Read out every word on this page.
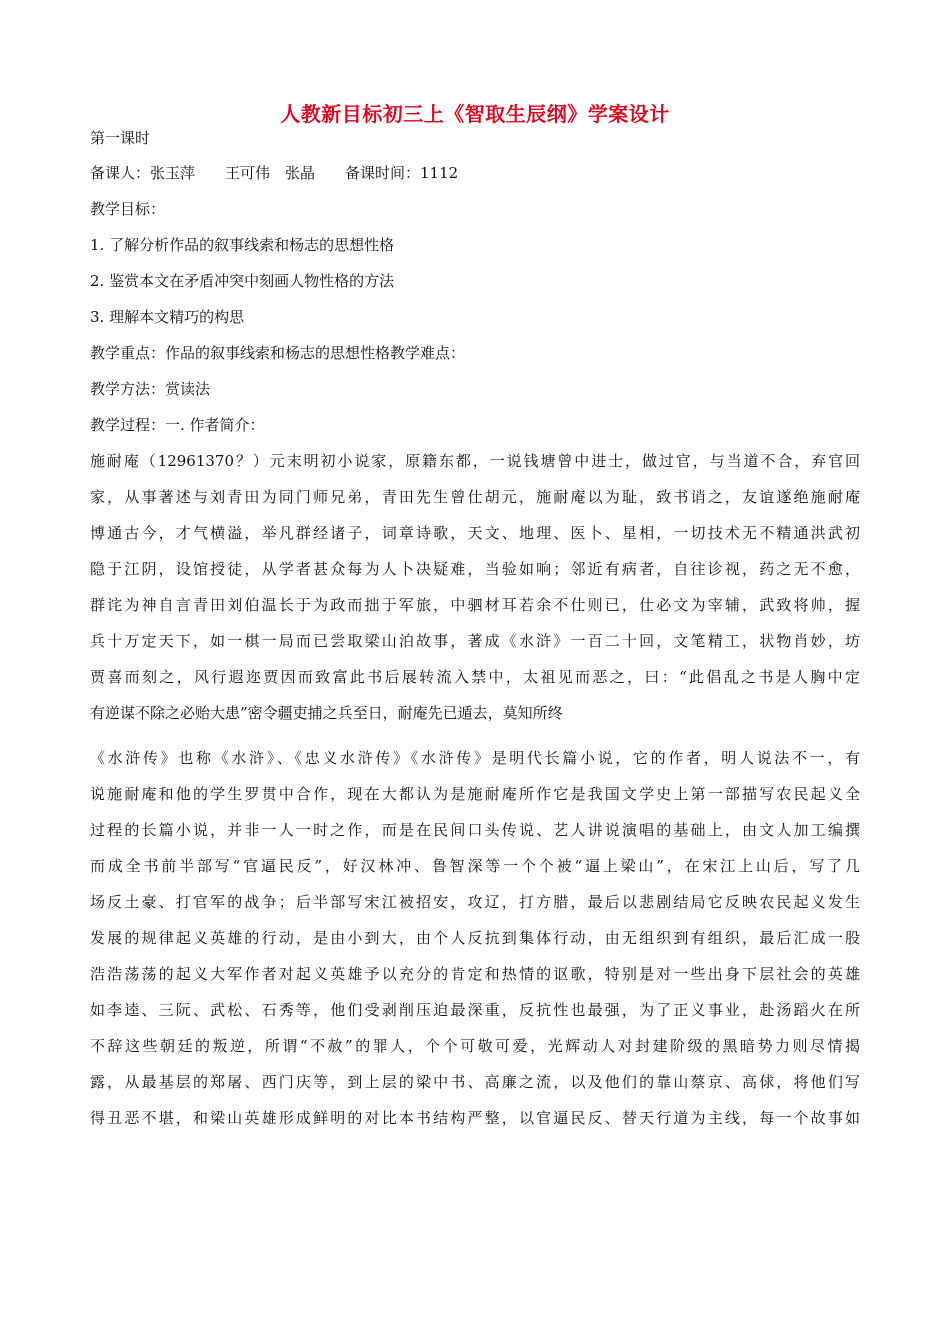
人教新目标初三上《智取生辰纲》学案设计
第一课时
备课人：张玉萍　　王可伟　张晶　　备课时间：1112
教学目标：
1. 了解分析作品的叙事线索和杨志的思想性格
2. 鉴赏本文在矛盾冲突中刻画人物性格的方法
3. 理解本文精巧的构思
教学重点：作品的叙事线索和杨志的思想性格教学难点：
教学方法：赏读法
教学过程：一. 作者简介：
施耐庵（12961370？）元末明初小说家，原籍东都，一说钱塘曾中进士，做过官，与当道不合，弃官回
家，从事著述与刘青田为同门师兄弟，青田先生曾仕胡元，施耐庵以为耻，致书诮之，友谊遂绝施耐庵
博通古今，才气横溢，举凡群经诸子，词章诗歌，天文、地理、医卜、星相，一切技术无不精通洪武初
隐于江阴，设馆授徒，从学者甚众每为人卜决疑难，当验如响；邻近有病者，自往诊视，药之无不愈，
群诧为神自言青田刘伯温长于为政而拙于军旅，中驷材耳若余不仕则已，仕必文为宰辅，武致将帅，握
兵十万定天下，如一棋一局而已尝取梁山泊故事，著成《水浒》一百二十回，文笔精工，状物肖妙，坊
贾喜而刻之，风行遐迩贾因而致富此书后展转流入禁中，太祖见而恶之，曰：“此倡乱之书是人胸中定
有逆谋不除之必贻大患”密令疆吏捕之兵至日，耐庵先已遁去，莫知所终
《水浒传》也称《水浒》、《忠义水浒传》《水浒传》是明代长篇小说，它的作者，明人说法不一，有
说施耐庵和他的学生罗贯中合作，现在大都认为是施耐庵所作它是我国文学史上第一部描写农民起义全
过程的长篇小说，并非一人一时之作，而是在民间口头传说、艺人讲说演唱的基础上，由文人加工编撰
而成全书前半部写“官逼民反”，好汉林冲、鲁智深等一个个被“逼上梁山”，在宋江上山后，写了几
场反土豪、打官军的战争；后半部写宋江被招安，攻辽，打方腊，最后以悲剧结局它反映农民起义发生
发展的规律起义英雄的行动，是由小到大，由个人反抗到集体行动，由无组织到有组织，最后汇成一股
浩浩荡荡的起义大军作者对起义英雄予以充分的肯定和热情的讴歌，特别是对一些出身下层社会的英雄
如李逵、三阮、武松、石秀等，他们受剥削压迫最深重，反抗性也最强，为了正义事业，赴汤蹈火在所
不辞这些朝廷的叛逆，所谓“不赦”的罪人，个个可敬可爱，光辉动人对封建阶级的黑暗势力则尽情揭
露，从最基层的郑屠、西门庆等，到上层的梁中书、高廉之流，以及他们的靠山蔡京、高俅，将他们写
得丑恶不堪，和梁山英雄形成鲜明的对比本书结构严整，以官逼民反、替天行道为主线，每一个故事如
